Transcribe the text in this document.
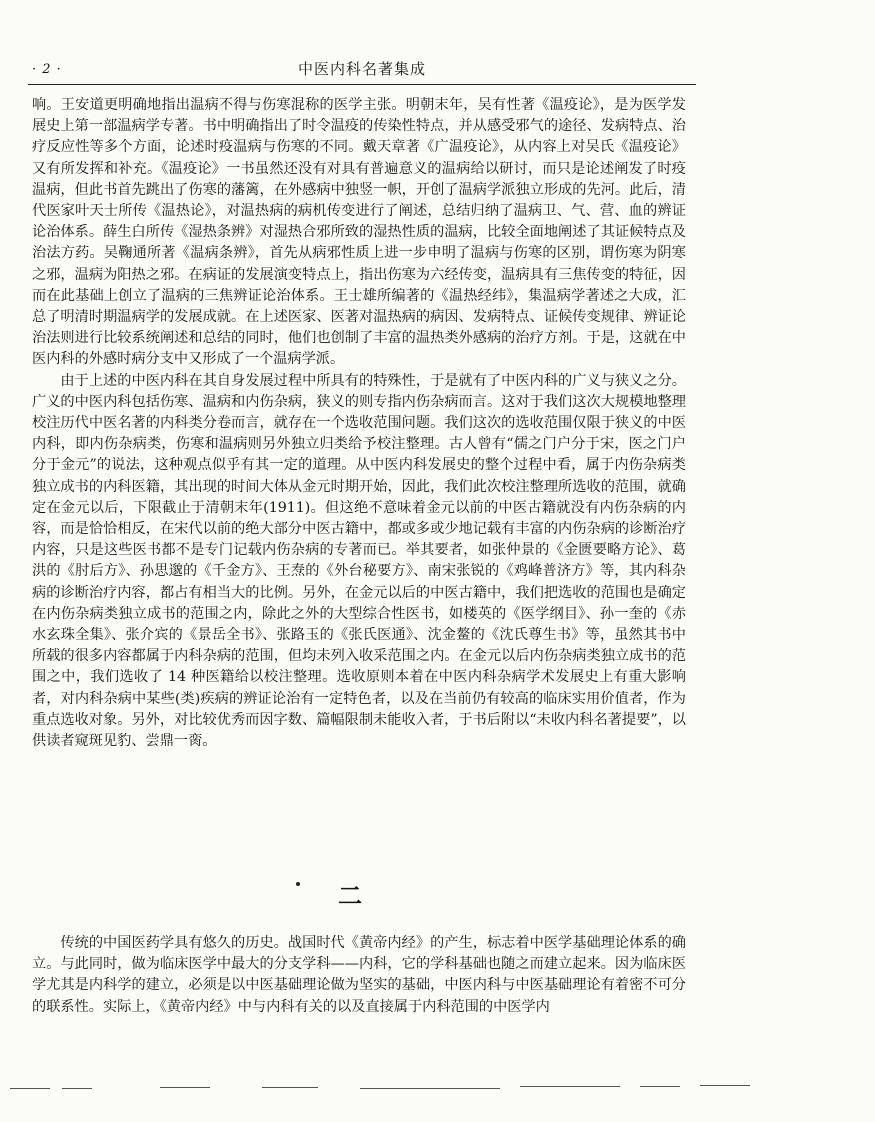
· 2 ·	中医内科名著集成

响。王安道更明确地指出温病不得与伤寒混称的医学主张。明朝末年，吴有性著《温疫论》，是为医学发展史上第一部温病学专著。书中明确指出了时令温疫的传染性特点，并从感受邪气的途径、发病特点、治疗反应性等多个方面，论述时疫温病与伤寒的不同。戴天章著《广温疫论》，从内容上对吴氏《温疫论》又有所发挥和补充。《温疫论》一书虽然还没有对具有普遍意义的温病给以研讨，而只是论述阐发了时疫温病，但此书首先跳出了伤寒的藩篱，在外感病中独竖一帜，开创了温病学派独立形成的先河。此后，清代医家叶天士所传《温热论》，对温热病的病机传变进行了阐述，总结归纳了温病卫、气、营、血的辨证论治体系。薛生白所传《湿热条辨》对湿热合邪所致的湿热性质的温病，比较全面地阐述了其证候特点及治法方药。吴鞠通所著《温病条辨》，首先从病邪性质上进一步申明了温病与伤寒的区别，谓伤寒为阴寒之邪，温病为阳热之邪。在病证的发展演变特点上，指出伤寒为六经传变，温病具有三焦传变的特征，因而在此基础上创立了温病的三焦辨证论治体系。王士雄所编著的《温热经纬》，集温病学著述之大成，汇总了明清时期温病学的发展成就。在上述医家、医著对温热病的病因、发病特点、证候传变规律、辨证论治法则进行比较系统阐述和总结的同时，他们也创制了丰富的温热类外感病的治疗方剂。于是，这就在中医内科的外感时病分支中又形成了一个温病学派。

由于上述的中医内科在其自身发展过程中所具有的特殊性，于是就有了中医内科的广义与狭义之分。广义的中医内科包括伤寒、温病和内伤杂病，狭义的则专指内伤杂病而言。这对于我们这次大规模地整理校注历代中医名著的内科类分卷而言，就存在一个选收范围问题。我们这次的选收范围仅限于狭义的中医内科，即内伤杂病类，伤寒和温病则另外独立归类给予校注整理。古人曾有“儒之门户分于宋，医之门户分于金元”的说法，这种观点似乎有其一定的道理。从中医内科发展史的整个过程中看，属于内伤杂病类独立成书的内科医籍，其出现的时间大体从金元时期开始，因此，我们此次校注整理所选收的范围，就确定在金元以后，下限截止于清朝末年(1911)。但这绝不意味着金元以前的中医古籍就没有内伤杂病的内容，而是恰恰相反，在宋代以前的绝大部分中医古籍中，都或多或少地记载有丰富的内伤杂病的诊断治疗内容，只是这些医书都不是专门记载内伤杂病的专著而已。举其要者，如张仲景的《金匮要略方论》、葛洪的《肘后方》、孙思邈的《千金方》、王焘的《外台秘要方》、南宋张锐的《鸡峰普济方》等，其内科杂病的诊断治疗内容，都占有相当大的比例。另外，在金元以后的中医古籍中，我们把选收的范围也是确定在内伤杂病类独立成书的范围之内，除此之外的大型综合性医书，如楼英的《医学纲目》、孙一奎的《赤水玄珠全集》、张介宾的《景岳全书》、张路玉的《张氏医通》、沈金鳌的《沈氏尊生书》等，虽然其书中所载的很多内容都属于内科杂病的范围，但均未列入收采范围之内。在金元以后内伤杂病类独立成书的范围之中，我们选收了 14 种医籍给以校注整理。选收原则本着在中医内科杂病学术发展史上有重大影响者，对内科杂病中某些(类)疾病的辨证论治有一定特色者，以及在当前仍有较高的临床实用价值者，作为重点选收对象。另外，对比较优秀而因字数、篇幅限制未能收入者，于书后附以“未收内科名著提要”，以供读者窥斑见豹、尝鼎一脔。

二

传统的中国医药学具有悠久的历史。战国时代《黄帝内经》的产生，标志着中医学基础理论体系的确立。与此同时，做为临床医学中最大的分支学科——内科，它的学科基础也随之而建立起来。因为临床医学尤其是内科学的建立，必须是以中医基础理论做为坚实的基础，中医内科与中医基础理论有着密不可分的联系性。实际上，《黄帝内经》中与内科有关的以及直接属于内科范围的中医学内
